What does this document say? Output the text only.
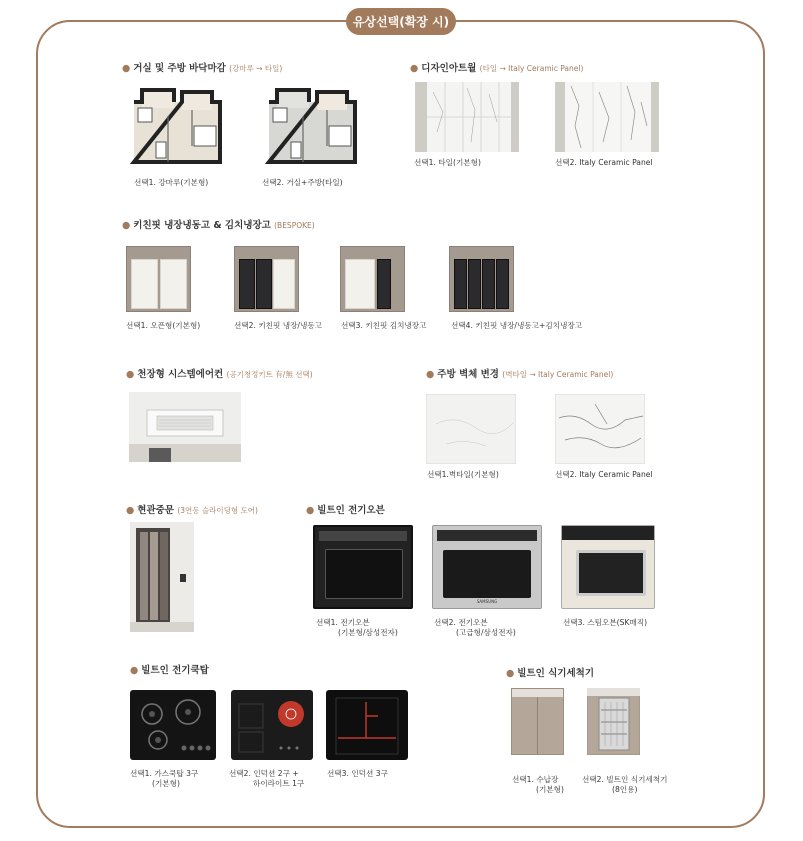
유상선택(확장 시)
● 거실 및 주방 바닥마감 (강마루 → 타일)
선택1. 강마루(기본형)	선택2. 거실+주방(타일)
● 디자인아트월 (타일 → Italy Ceramic Panel)
선택1. 타일(기본형)	선택2. Italy Ceramic Panel
● 키친핏 냉장냉동고 & 김치냉장고 (BESPOKE)
선택1. 오픈형(기본형)	선택2. 키친핏 냉장/냉동고	선택3. 키친핏 김치냉장고	선택4. 키친핏 냉장/냉동고+김치냉장고
● 천장형 시스템에어컨 (공기청정키트 有/無 선택)	● 주방 벽체 변경 (벽타일 → Italy Ceramic Panel)
선택1.벽타일(기본형)	선택2. Italy Ceramic Panel
● 현관중문 (3연동 슬라이딩형 도어)	● 빌트인 전기오븐
SAMSUNG
선택1. 전기오븐
(기본형/삼성전자)
선택2. 전기오븐
(고급형/삼성전자)
선택3. 스팀오븐(SK매직)
● 빌트인 전기쿡탑
선택1. 가스쿡탑 3구
(기본형)
선택2. 인덕션 2구 +
하이라이트 1구
선택3. 인덕션 3구
● 빌트인 식기세척기
선택1. 수납장
(기본형)
선택2. 빌트인 식기세척기
(8인용)
